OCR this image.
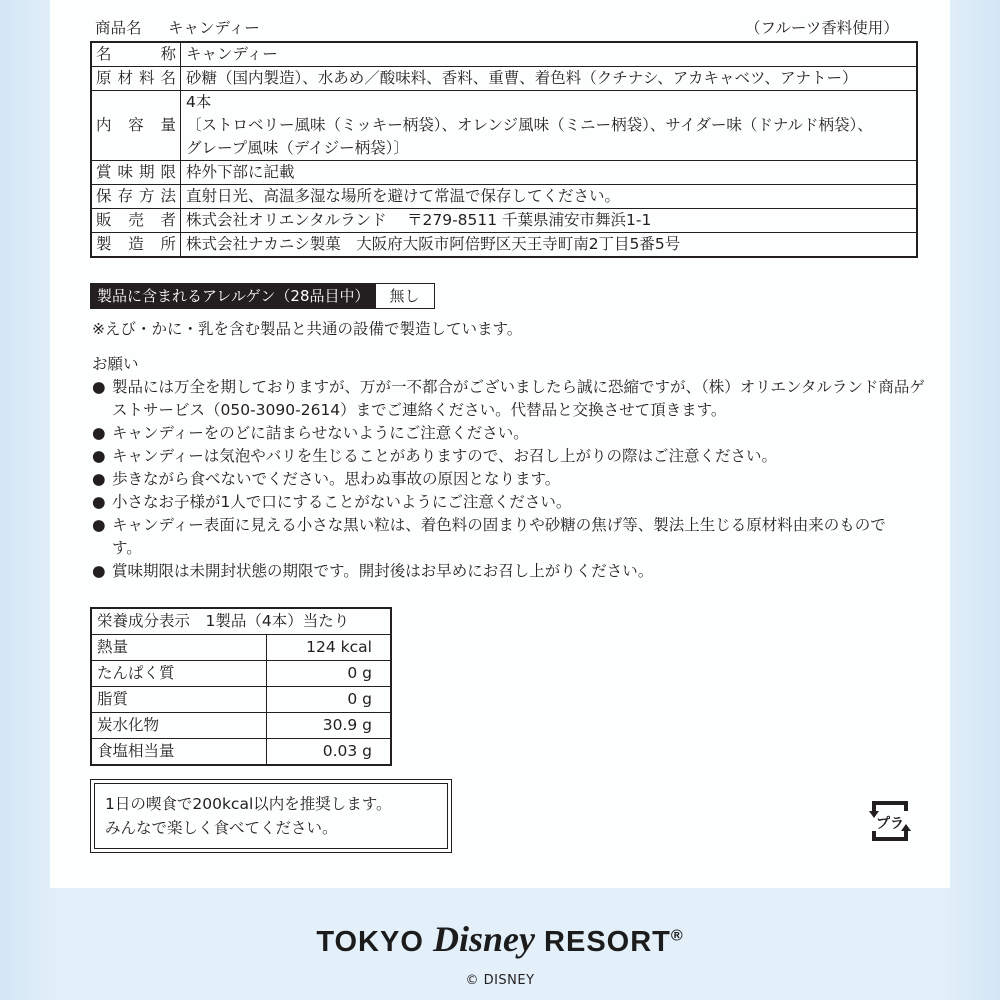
商品名 キャンディー	（フルーツ香料使用）
名　称	キャンディー
原材料名	砂糖（国内製造）、水あめ／酸味料、香料、重曹、着色料（クチナシ、アカキャベツ、アナトー）
内容量	4本
〔ストロベリー風味（ミッキー柄袋）、オレンジ風味（ミニー柄袋）、サイダー味（ドナルド柄袋）、
グレープ風味（デイジー柄袋）〕
賞味期限	枠外下部に記載
保存方法	直射日光、高温多湿な場所を避けて常温で保存してください。
販売者	株式会社オリエンタルランド　 〒279-8511 千葉県浦安市舞浜1-1
製造所	株式会社ナカニシ製菓　大阪府大阪市阿倍野区天王寺町南2丁目5番5号
製品に含まれるアレルゲン（28品目中）	無し
※えび・かに・乳を含む製品と共通の設備で製造しています。
お願い
● 製品には万全を期しておりますが、万が一不都合がございましたら誠に恐縮ですが、（株）オリエンタルランド商品ゲストサービス（050-3090-2614）までご連絡ください。代替品と交換させて頂きます。
● キャンディーをのどに詰まらせないようにご注意ください。
● キャンディーは気泡やバリを生じることがありますので、お召し上がりの際はご注意ください。
● 歩きながら食べないでください。思わぬ事故の原因となります。
● 小さなお子様が1人で口にすることがないようにご注意ください。
● キャンディー表面に見える小さな黒い粒は、着色料の固まりや砂糖の焦げ等、製法上生じる原材料由来のものです。
● 賞味期限は未開封状態の期限です。開封後はお早めにお召し上がりください。
栄養成分表示　1製品（4本）当たり	
熱量	124 kcal
たんぱく質	0 g
脂質	0 g
炭水化物	30.9 g
食塩相当量	0.03 g
1日の喫食で200kcal以内を推奨します。
みんなで楽しく食べてください。	プラ
TOKYO Disney RESORT®
© DISNEY
